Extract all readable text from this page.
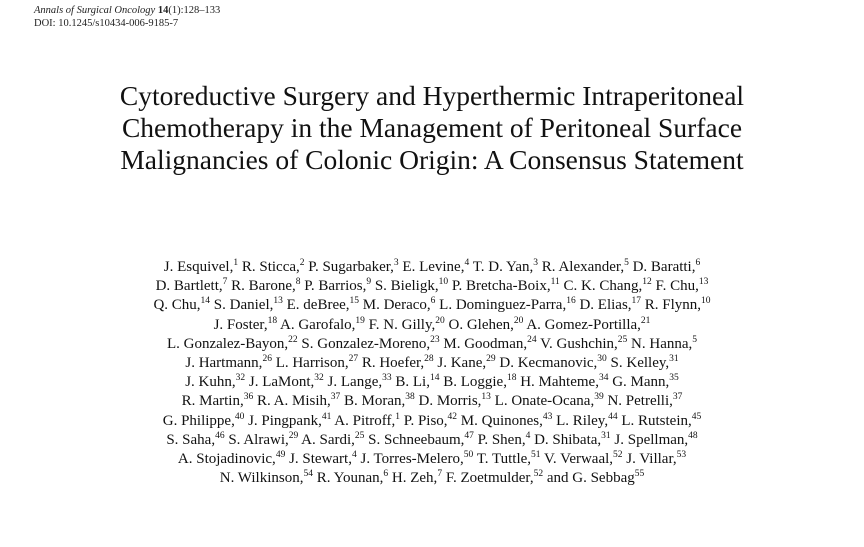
Annals of Surgical Oncology 14(1):128–133
DOI: 10.1245/s10434-006-9185-7
Cytoreductive Surgery and Hyperthermic Intraperitoneal
Chemotherapy in the Management of Peritoneal Surface
Malignancies of Colonic Origin: A Consensus Statement
J. Esquivel,$^1$ R. Sticca,$^2$ P. Sugarbaker,$^3$ E. Levine,$^4$ T. D. Yan,$^3$ R. Alexander,$^5$ D. Baratti,$^6$
D. Bartlett,$^7$ R. Barone,$^8$ P. Barrios,$^9$ S. Bieligk,$^{10}$ P. Bretcha-Boix,$^{11}$ C. K. Chang,$^{12}$ F. Chu,$^{13}$
Q. Chu,$^{14}$ S. Daniel,$^{13}$ E. deBree,$^{15}$ M. Deraco,$^6$ L. Dominguez-Parra,$^{16}$ D. Elias,$^{17}$ R. Flynn,$^{10}$
J. Foster,$^{18}$ A. Garofalo,$^{19}$ F. N. Gilly,$^{20}$ O. Glehen,$^{20}$ A. Gomez-Portilla,$^{21}$
L. Gonzalez-Bayon,$^{22}$ S. Gonzalez-Moreno,$^{23}$ M. Goodman,$^{24}$ V. Gushchin,$^{25}$ N. Hanna,$^5$
J. Hartmann,$^{26}$ L. Harrison,$^{27}$ R. Hoefer,$^{28}$ J. Kane,$^{29}$ D. Kecmanovic,$^{30}$ S. Kelley,$^{31}$
J. Kuhn,$^{32}$ J. LaMont,$^{32}$ J. Lange,$^{33}$ B. Li,$^{14}$ B. Loggie,$^{18}$ H. Mahteme,$^{34}$ G. Mann,$^{35}$
R. Martin,$^{36}$ R. A. Misih,$^{37}$ B. Moran,$^{38}$ D. Morris,$^{13}$ L. Onate-Ocana,$^{39}$ N. Petrelli,$^{37}$
G. Philippe,$^{40}$ J. Pingpank,$^{41}$ A. Pitroff,$^1$ P. Piso,$^{42}$ M. Quinones,$^{43}$ L. Riley,$^{44}$ L. Rutstein,$^{45}$
S. Saha,$^{46}$ S. Alrawi,$^{29}$ A. Sardi,$^{25}$ S. Schneebaum,$^{47}$ P. Shen,$^4$ D. Shibata,$^{31}$ J. Spellman,$^{48}$
A. Stojadinovic,$^{49}$ J. Stewart,$^4$ J. Torres-Melero,$^{50}$ T. Tuttle,$^{51}$ V. Verwaal,$^{52}$ J. Villar,$^{53}$
N. Wilkinson,$^{54}$ R. Younan,$^6$ H. Zeh,$^7$ F. Zoetmulder,$^{52}$ and G. Sebbag$^{55}$
